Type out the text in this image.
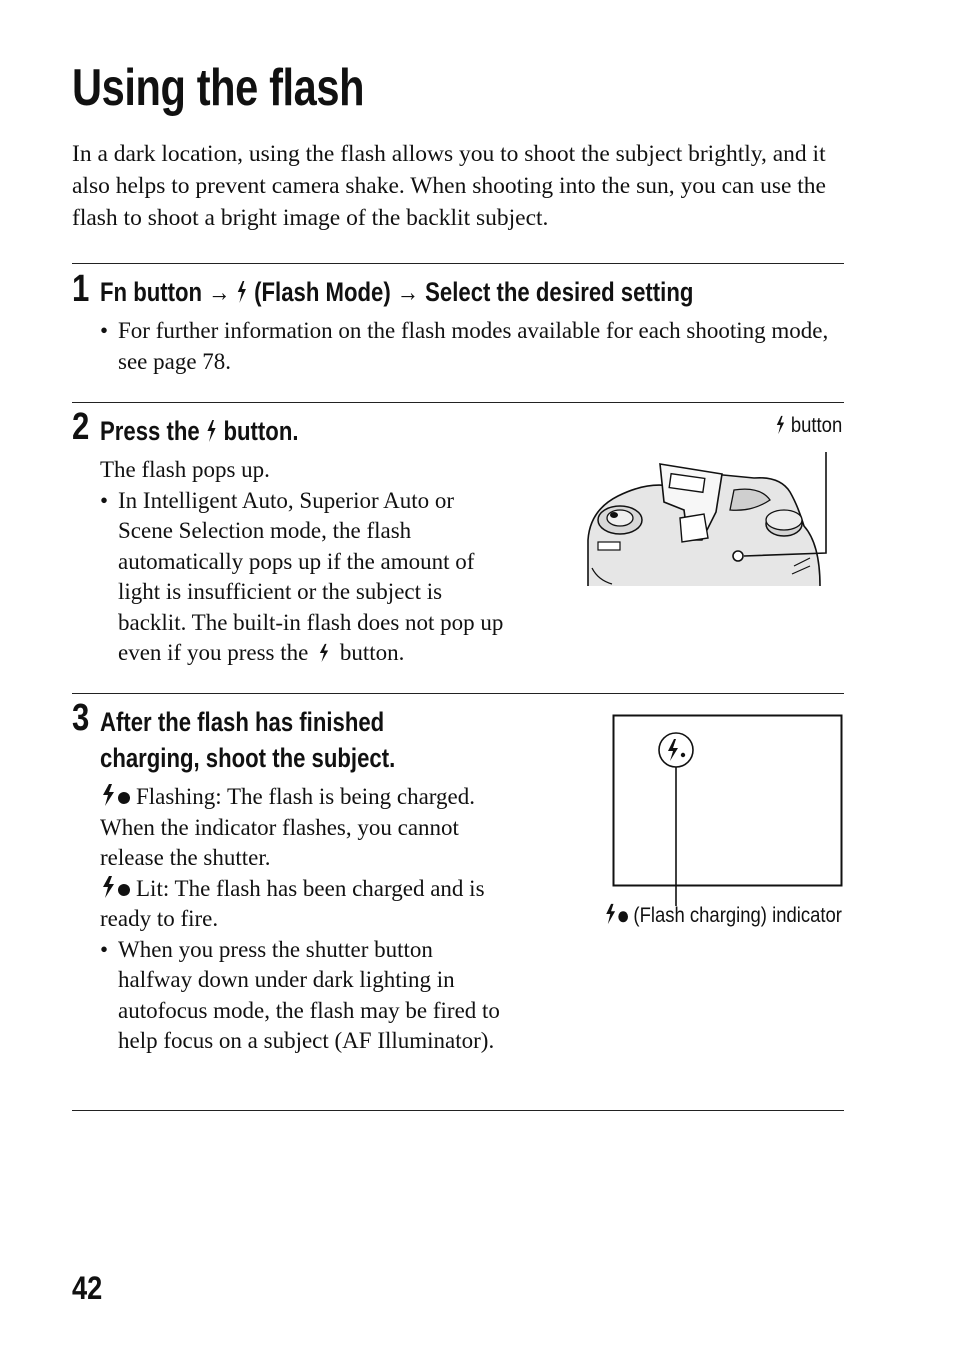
Using the flash
In a dark location, using the flash allows you to shoot the subject brightly, and it also helps to prevent camera shake. When shooting into the sun, you can use the flash to shoot a bright image of the backlit subject.
1 Fn button → (Flash Mode) → Select the desired setting
• For further information on the flash modes available for each shooting mode, see page 78.
2 Press the button.
The flash pops up.
• In Intelligent Auto, Superior Auto or Scene Selection mode, the flash automatically pops up if the amount of light is insufficient or the subject is backlit. The built-in flash does not pop up even if you press the button.
button
3 After the flash has finished
charging, shoot the subject.
Flashing: The flash is being charged. When the indicator flashes, you cannot release the shutter.
Lit: The flash has been charged and is ready to fire.
• When you press the shutter button halfway down under dark lighting in autofocus mode, the flash may be fired to help focus on a subject (AF Illuminator).
(Flash charging) indicator
42
